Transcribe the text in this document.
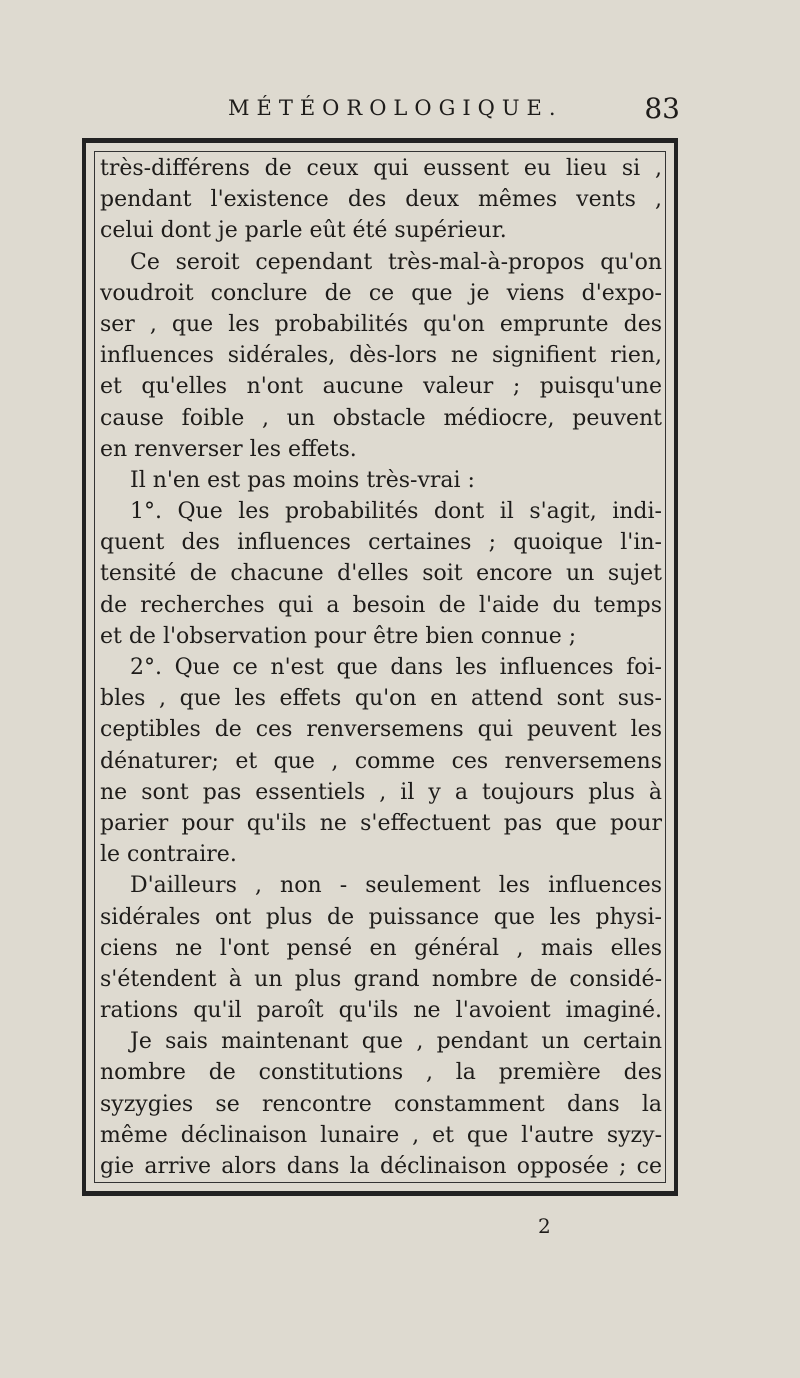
MÉTÉOROLOGIQUE.	83
très-différens de ceux qui eussent eu lieu si ,
pendant l'existence des deux mêmes vents ,
celui dont je parle eût été supérieur.
Ce seroit cependant très-mal-à-propos qu'on
voudroit conclure de ce que je viens d'expo-
ser , que les probabilités qu'on emprunte des
influences sidérales, dès-lors ne signifient rien,
et qu'elles n'ont aucune valeur ; puisqu'une
cause foible , un obstacle médiocre, peuvent
en renverser les effets.
Il n'en est pas moins très-vrai :
1°. Que les probabilités dont il s'agit, indi-
quent des influences certaines ; quoique l'in-
tensité de chacune d'elles soit encore un sujet
de recherches qui a besoin de l'aide du temps
et de l'observation pour être bien connue ;
2°. Que ce n'est que dans les influences foi-
bles , que les effets qu'on en attend sont sus-
ceptibles de ces renversemens qui peuvent les
dénaturer; et que , comme ces renversemens
ne sont pas essentiels , il y a toujours plus à
parier pour qu'ils ne s'effectuent pas que pour
le contraire.
D'ailleurs , non - seulement les influences
sidérales ont plus de puissance que les physi-
ciens ne l'ont pensé en général , mais elles
s'étendent à un plus grand nombre de considé-
rations qu'il paroît qu'ils ne l'avoient imaginé.
Je sais maintenant que , pendant un certain
nombre de constitutions , la première des
syzygies se rencontre constamment dans la
même déclinaison lunaire , et que l'autre syzy-
gie arrive alors dans la déclinaison opposée ; ce
2
